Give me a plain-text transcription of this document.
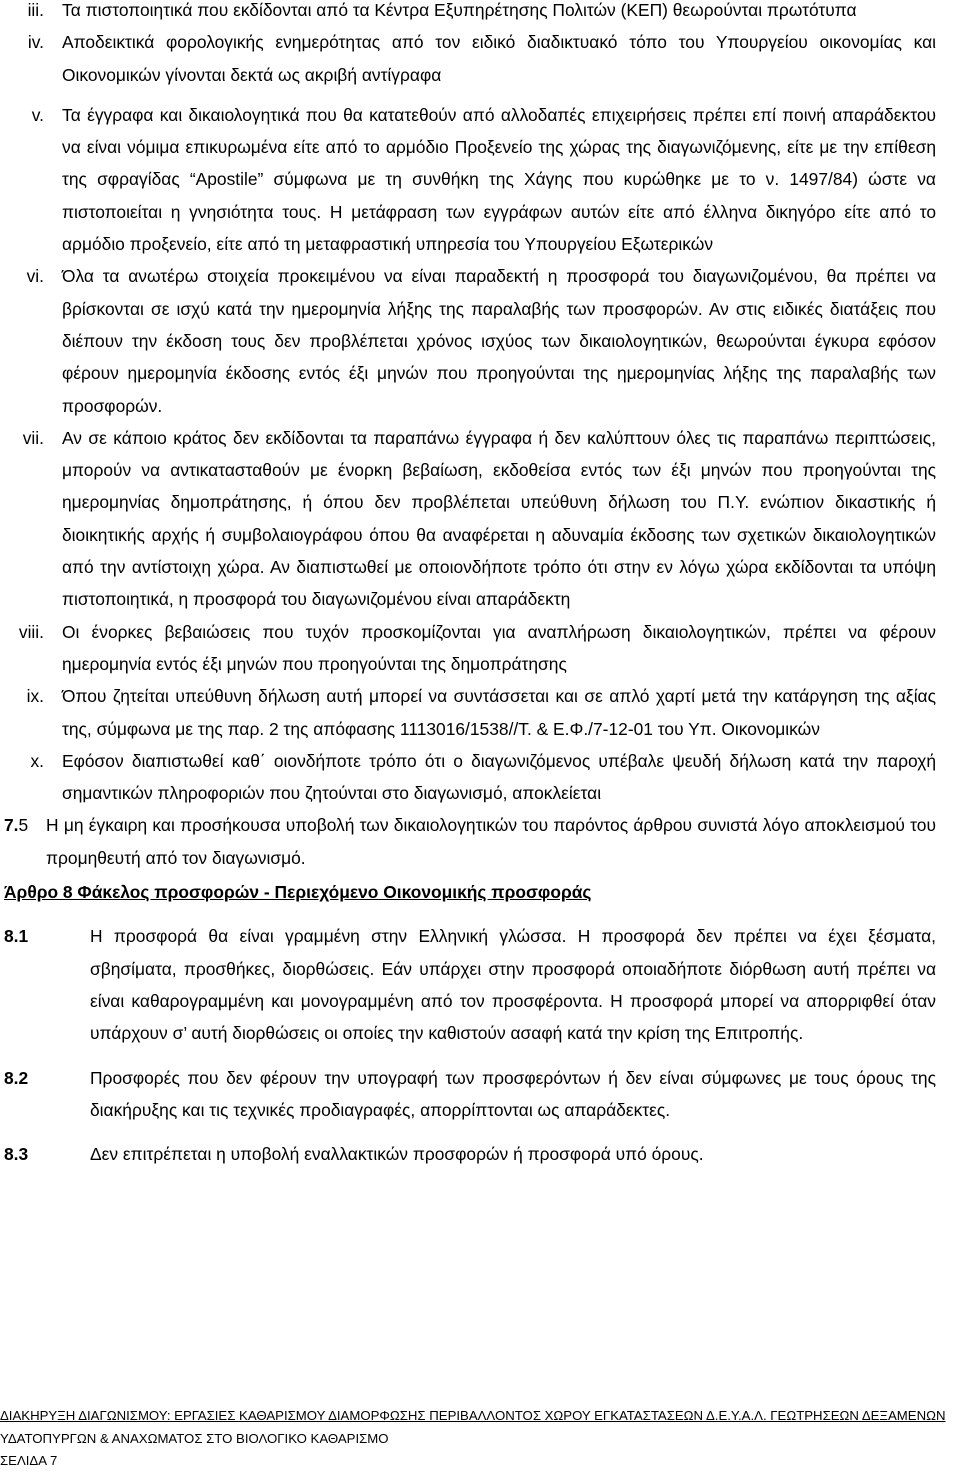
iii. Τα πιστοποιητικά που εκδίδονται από τα Κέντρα Εξυπηρέτησης Πολιτών (ΚΕΠ) θεωρούνται πρωτότυπα
iv. Αποδεικτικά φορολογικής ενημερότητας από τον ειδικό διαδικτυακό τόπο του Υπουργείου οικονομίας και Οικονομικών γίνονται δεκτά ως ακριβή αντίγραφα
v. Τα έγγραφα και δικαιολογητικά που θα κατατεθούν από αλλοδαπές επιχειρήσεις πρέπει επί ποινή απαράδεκτου να είναι νόμιμα επικυρωμένα είτε από το αρμόδιο Προξενείο της χώρας της διαγωνιζόμενης, είτε με την επίθεση της σφραγίδας “Apostile” σύμφωνα με τη συνθήκη της Χάγης που κυρώθηκε με το ν. 1497/84) ώστε να πιστοποιείται η γνησιότητα τους. Η μετάφραση των εγγράφων αυτών είτε από έλληνα δικηγόρο είτε από το αρμόδιο προξενείο, είτε από τη μεταφραστική υπηρεσία του Υπουργείου Εξωτερικών
vi. Όλα τα ανωτέρω στοιχεία προκειμένου να είναι παραδεκτή η προσφορά του διαγωνιζομένου, θα πρέπει να βρίσκονται σε ισχύ κατά την ημερομηνία λήξης της παραλαβής των προσφορών. Αν στις ειδικές διατάξεις που διέπουν την έκδοση τους δεν προβλέπεται χρόνος ισχύος των δικαιολογητικών, θεωρούνται έγκυρα εφόσον φέρουν ημερομηνία έκδοσης εντός έξι μηνών που προηγούνται της ημερομηνίας λήξης της παραλαβής των προσφορών.
vii. Αν σε κάποιο κράτος δεν εκδίδονται τα παραπάνω έγγραφα ή δεν καλύπτουν όλες τις παραπάνω περιπτώσεις, μπορούν να αντικατασταθούν με ένορκη βεβαίωση, εκδοθείσα εντός των έξι μηνών που προηγούνται της ημερομηνίας δημοπράτησης, ή όπου δεν προβλέπεται υπεύθυνη δήλωση του Π.Υ. ενώπιον δικαστικής ή διοικητικής αρχής ή συμβολαιογράφου όπου θα αναφέρεται η αδυναμία έκδοσης των σχετικών δικαιολογητικών από την αντίστοιχη χώρα. Αν διαπιστωθεί με οποιονδήποτε τρόπο ότι στην εν λόγω χώρα εκδίδονται τα υπόψη πιστοποιητικά, η προσφορά του διαγωνιζομένου είναι απαράδεκτη
viii. Οι ένορκες βεβαιώσεις που τυχόν προσκομίζονται για αναπλήρωση δικαιολογητικών, πρέπει να φέρουν ημερομηνία εντός έξι μηνών που προηγούνται της δημοπράτησης
ix. Όπου ζητείται υπεύθυνη δήλωση αυτή μπορεί να συντάσσεται και σε απλό χαρτί μετά την κατάργηση της αξίας της, σύμφωνα με της παρ. 2 της απόφασης 1113016/1538//Τ. & Ε.Φ./7-12-01 του Υπ. Οικονομικών
x. Εφόσον διαπιστωθεί καθ΄ οιονδήποτε τρόπο ότι ο διαγωνιζόμενος υπέβαλε ψευδή δήλωση κατά την παροχή σημαντικών πληροφοριών που ζητούνται στο διαγωνισμό, αποκλείεται
7.5 Η μη έγκαιρη και προσήκουσα υποβολή των δικαιολογητικών του παρόντος άρθρου συνιστά λόγο αποκλεισμού του προμηθευτή από τον διαγωνισμό.
Άρθρο 8 Φάκελος προσφορών - Περιεχόμενο Οικονομικής προσφοράς
8.1	Η προσφορά θα είναι γραμμένη στην Ελληνική γλώσσα. Η προσφορά δεν πρέπει να έχει ξέσματα, σβησίματα, προσθήκες, διορθώσεις. Εάν υπάρχει στην προσφορά οποιαδήποτε διόρθωση αυτή πρέπει να είναι καθαρογραμμένη και μονογραμμένη από τον προσφέροντα. Η προσφορά μπορεί να απορριφθεί όταν υπάρχουν σ’ αυτή διορθώσεις οι οποίες την καθιστούν ασαφή κατά την κρίση της Επιτροπής.
8.2	Προσφορές που δεν φέρουν την υπογραφή των προσφερόντων ή δεν είναι σύμφωνες με τους όρους της διακήρυξης και τις τεχνικές προδιαγραφές, απορρίπτονται ως απαράδεκτες.
8.3	Δεν επιτρέπεται η υποβολή εναλλακτικών προσφορών ή προσφορά υπό όρους.
ΔΙΑΚΗΡΥΞΗ ΔΙΑΓΩΝΙΣΜΟΥ: ΕΡΓΑΣΙΕΣ ΚΑΘΑΡΙΣΜΟΥ ΔΙΑΜΟΡΦΩΣΗΣ ΠΕΡΙΒΑΛΛΟΝΤΟΣ ΧΩΡΟΥ ΕΓΚΑΤΑΣΤΑΣΕΩΝ Δ.Ε.Υ.Α.Λ. ΓΕΩΤΡΗΣΕΩΝ ΔΕΞΑΜΕΝΩΝ
ΥΔΑΤΟΠΥΡΓΩΝ & ΑΝΑΧΩΜΑΤΟΣ ΣΤΟ ΒΙΟΛΟΓΙΚΟ ΚΑΘΑΡΙΣΜΟ
ΣΕΛΙΔΑ 7
